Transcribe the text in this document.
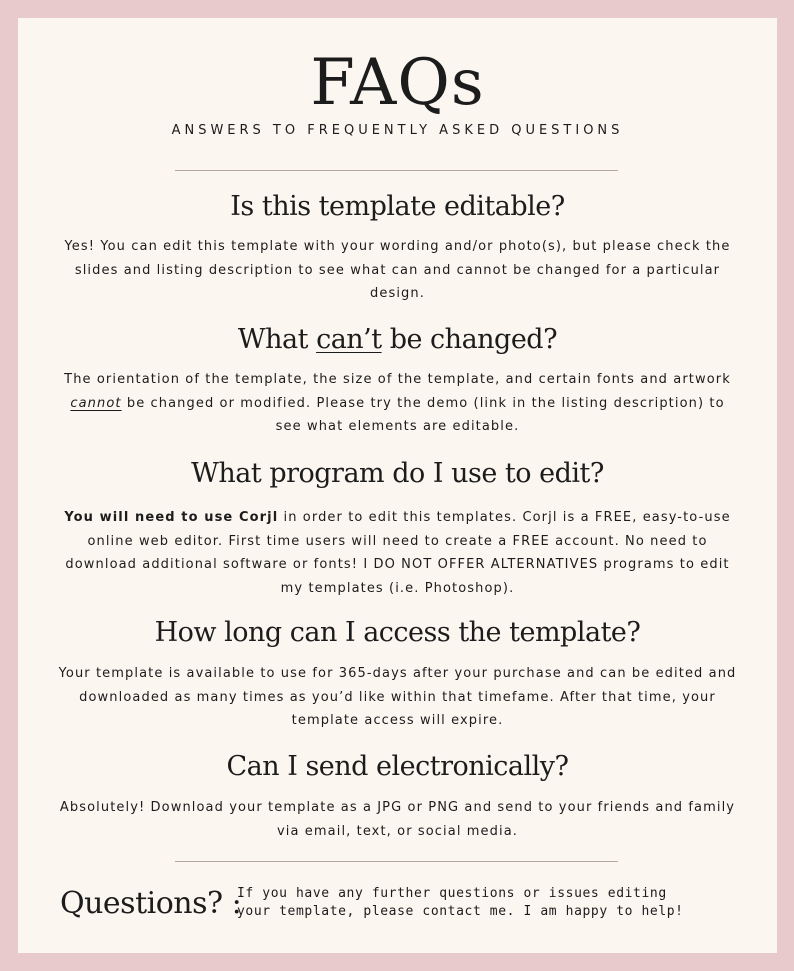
FAQs
ANSWERS TO FREQUENTLY ASKED QUESTIONS
Is this template editable?
Yes! You can edit this template with your wording and/or photo(s), but please check the slides and listing description to see what can and cannot be changed for a particular design.
What can’t be changed?
The orientation of the template, the size of the template, and certain fonts and artwork cannot be changed or modified. Please try the demo (link in the listing description) to see what elements are editable.
What program do I use to edit?
You will need to use Corjl in order to edit this templates. Corjl is a FREE, easy-to-use online web editor. First time users will need to create a FREE account. No need to download additional software or fonts! I DO NOT OFFER ALTERNATIVES programs to edit my templates (i.e. Photoshop).
How long can I access the template?
Your template is available to use for 365-days after your purchase and can be edited and downloaded as many times as you’d like within that timefame. After that time, your template access will expire.
Can I send electronically?
Absolutely! Download your template as a JPG or PNG and send to your friends and family via email, text, or social media.
Questions? :
If you have any further questions or issues editing
your template, please contact me. I am happy to help!
